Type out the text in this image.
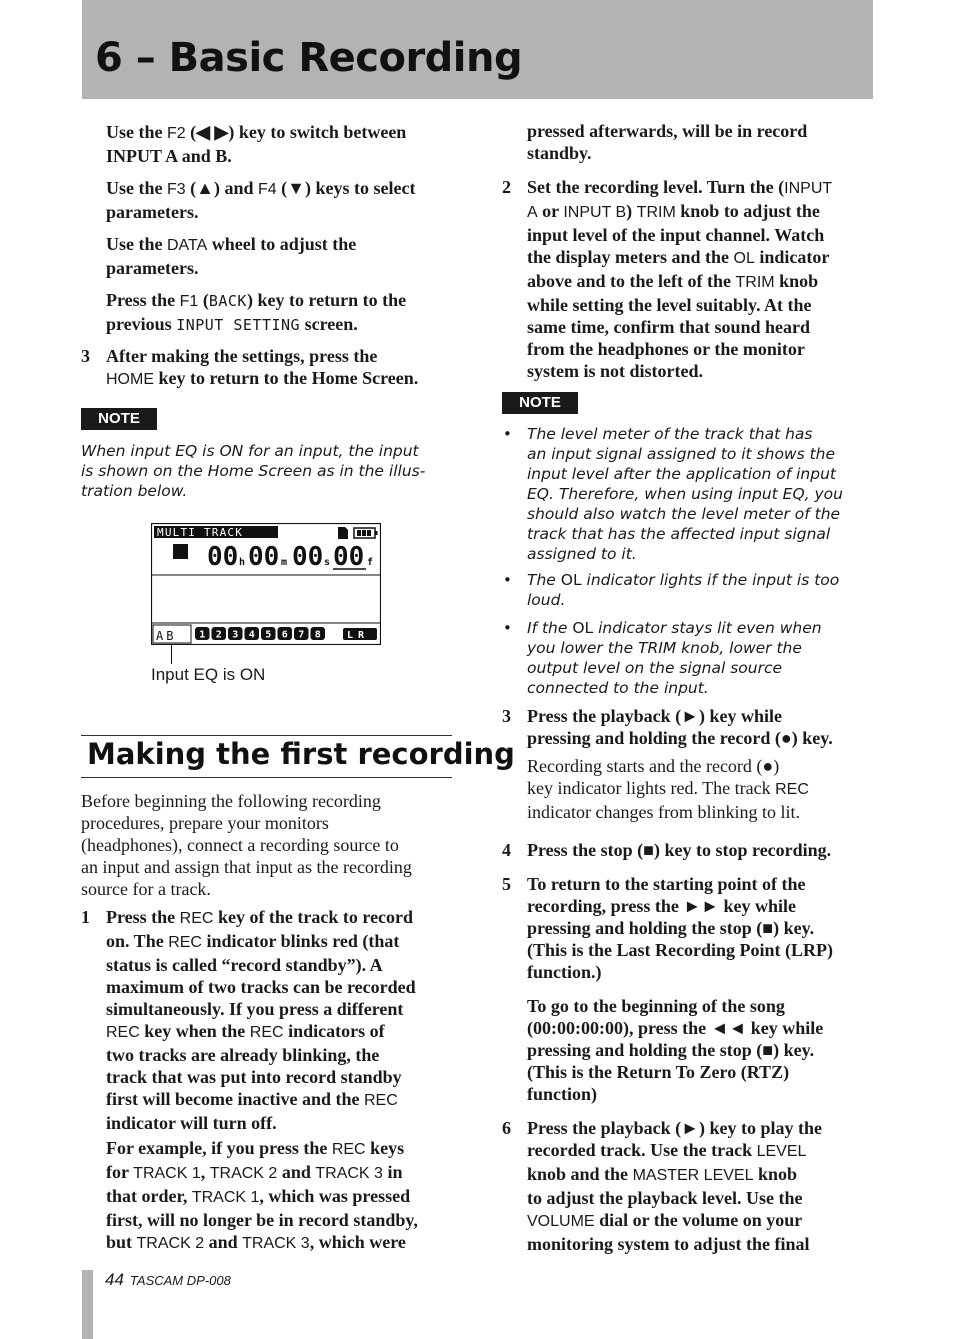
6 – Basic Recording

Use the F2 (◀ ▶) key to switch between
INPUT A and B.

Use the F3 (▲) and F4 (▼) keys to select
parameters.

Use the DATA wheel to adjust the
parameters.

Press the F1 (BACK) key to return to the
previous INPUT SETTING screen.

3 After making the settings, press the
HOME key to return to the Home Screen.

NOTE

When input EQ is ON for an input, the input
is shown on the Home Screen as in the illus-
tration below.

MULTI TRACK
00 h 00 m 00 s 00 f
AB 1 2 3 4 5 6 7 8	LR
Input EQ is ON
Making the first recording

Before beginning the following recording
procedures, prepare your monitors
(headphones), connect a recording source to
an input and assign that input as the recording
source for a track.

1 Press the REC key of the track to record
on. The REC indicator blinks red (that
status is called “record standby”). A
maximum of two tracks can be recorded
simultaneously. If you press a different
REC key when the REC indicators of
two tracks are already blinking, the
track that was put into record standby
first will become inactive and the REC
indicator will turn off.

For example, if you press the REC keys
for TRACK 1, TRACK 2 and TRACK 3 in
that order, TRACK 1, which was pressed
first, will no longer be in record standby,
but TRACK 2 and TRACK 3, which were

pressed afterwards, will be in record
standby.

2 Set the recording level. Turn the (INPUT
A or INPUT B) TRIM knob to adjust the
input level of the input channel. Watch
the display meters and the OL indicator
above and to the left of the TRIM knob
while setting the level suitably. At the
same time, confirm that sound heard
from the headphones or the monitor
system is not distorted.

NOTE
• The level meter of the track that has
an input signal assigned to it shows the
input level after the application of input
EQ. Therefore, when using input EQ, you
should also watch the level meter of the
track that has the affected input signal
assigned to it.

• The OL indicator lights if the input is too
loud.

• If the OL indicator stays lit even when
you lower the TRIM knob, lower the
output level on the signal source
connected to the input.

3 Press the playback (►) key while
pressing and holding the record (●) key.

Recording starts and the record (●)
key indicator lights red. The track REC
indicator changes from blinking to lit.

4 Press the stop (■) key to stop recording.

5 To return to the starting point of the
recording, press the ►► key while
pressing and holding the stop (■) key.
(This is the Last Recording Point (LRP)
function.)

To go to the beginning of the song
(00:00:00:00), press the ◄◄ key while
pressing and holding the stop (■) key.
(This is the Return To Zero (RTZ)
function)

6 Press the playback (►) key to play the
recorded track. Use the track LEVEL
knob and the MASTER LEVEL knob
to adjust the playback level. Use the
VOLUME dial or the volume on your
monitoring system to adjust the final

44 TASCAM DP-008
